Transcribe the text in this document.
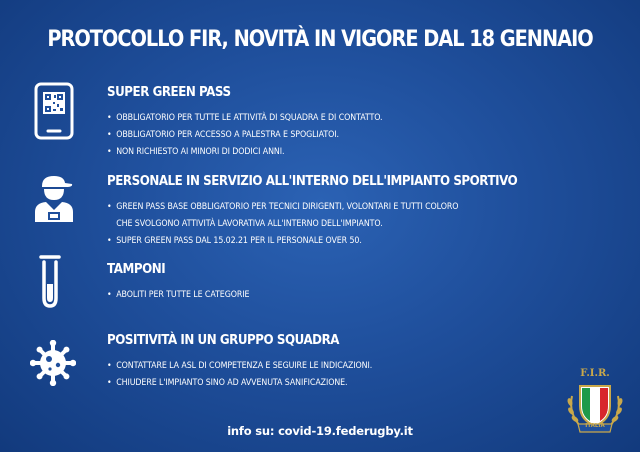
PROTOCOLLO FIR, NOVITÀ IN VIGORE DAL 18 GENNAIO
SUPER GREEN PASS
• OBBLIGATORIO PER TUTTE LE ATTIVITÀ DI SQUADRA E DI CONTATTO.
• OBBLIGATORIO PER ACCESSO A PALESTRA E SPOGLIATOI.
• NON RICHIESTO AI MINORI DI DODICI ANNI.
PERSONALE IN SERVIZIO ALL'INTERNO DELL'IMPIANTO SPORTIVO
• GREEN PASS BASE OBBLIGATORIO PER TECNICI DIRIGENTI, VOLONTARI E TUTTI COLORO
CHE SVOLGONO ATTIVITÀ LAVORATIVA ALL'INTERNO DELL'IMPIANTO.
• SUPER GREEN PASS DAL 15.02.21 PER IL PERSONALE OVER 50.
TAMPONI
• ABOLITI PER TUTTE LE CATEGORIE
POSITIVITÀ IN UN GRUPPO SQUADRA
• CONTATTARE LA ASL DI COMPETENZA E SEGUIRE LE INDICAZIONI.
• CHIUDERE L'IMPIANTO SINO AD AVVENUTA SANIFICAZIONE.
info su: covid-19.federugby.it
F.I.R.
ITALIA
